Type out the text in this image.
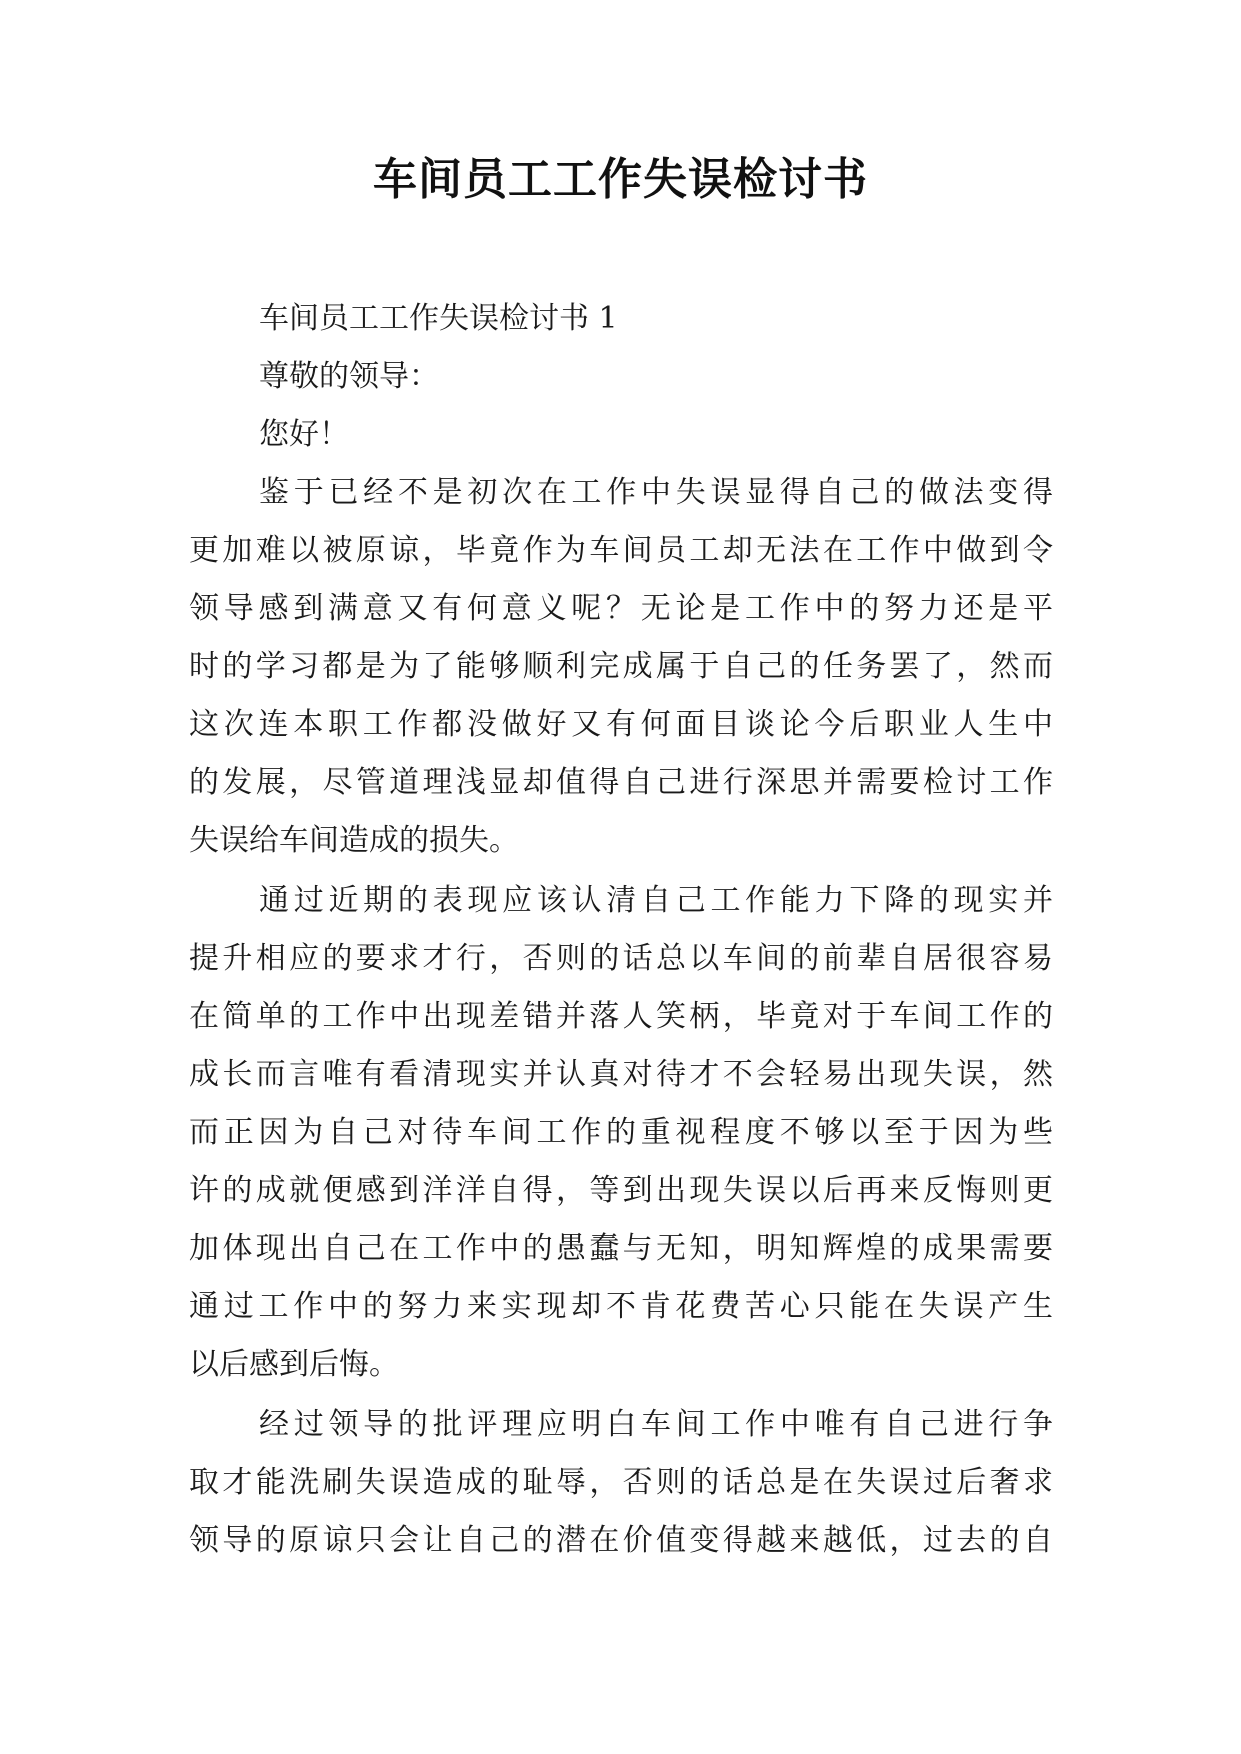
车间员工工作失误检讨书
车间员工工作失误检讨书 1
尊敬的领导：
您好！
鉴于已经不是初次在工作中失误显得自己的做法变得
更加难以被原谅，毕竟作为车间员工却无法在工作中做到令
领导感到满意又有何意义呢？无论是工作中的努力还是平
时的学习都是为了能够顺利完成属于自己的任务罢了，然而
这次连本职工作都没做好又有何面目谈论今后职业人生中
的发展，尽管道理浅显却值得自己进行深思并需要检讨工作
失误给车间造成的损失。
通过近期的表现应该认清自己工作能力下降的现实并
提升相应的要求才行，否则的话总以车间的前辈自居很容易
在简单的工作中出现差错并落人笑柄，毕竟对于车间工作的
成长而言唯有看清现实并认真对待才不会轻易出现失误，然
而正因为自己对待车间工作的重视程度不够以至于因为些
许的成就便感到洋洋自得，等到出现失误以后再来反悔则更
加体现出自己在工作中的愚蠢与无知，明知辉煌的成果需要
通过工作中的努力来实现却不肯花费苦心只能在失误产生
以后感到后悔。
经过领导的批评理应明白车间工作中唯有自己进行争
取才能洗刷失误造成的耻辱，否则的话总是在失误过后奢求
领导的原谅只会让自己的潜在价值变得越来越低，过去的自
